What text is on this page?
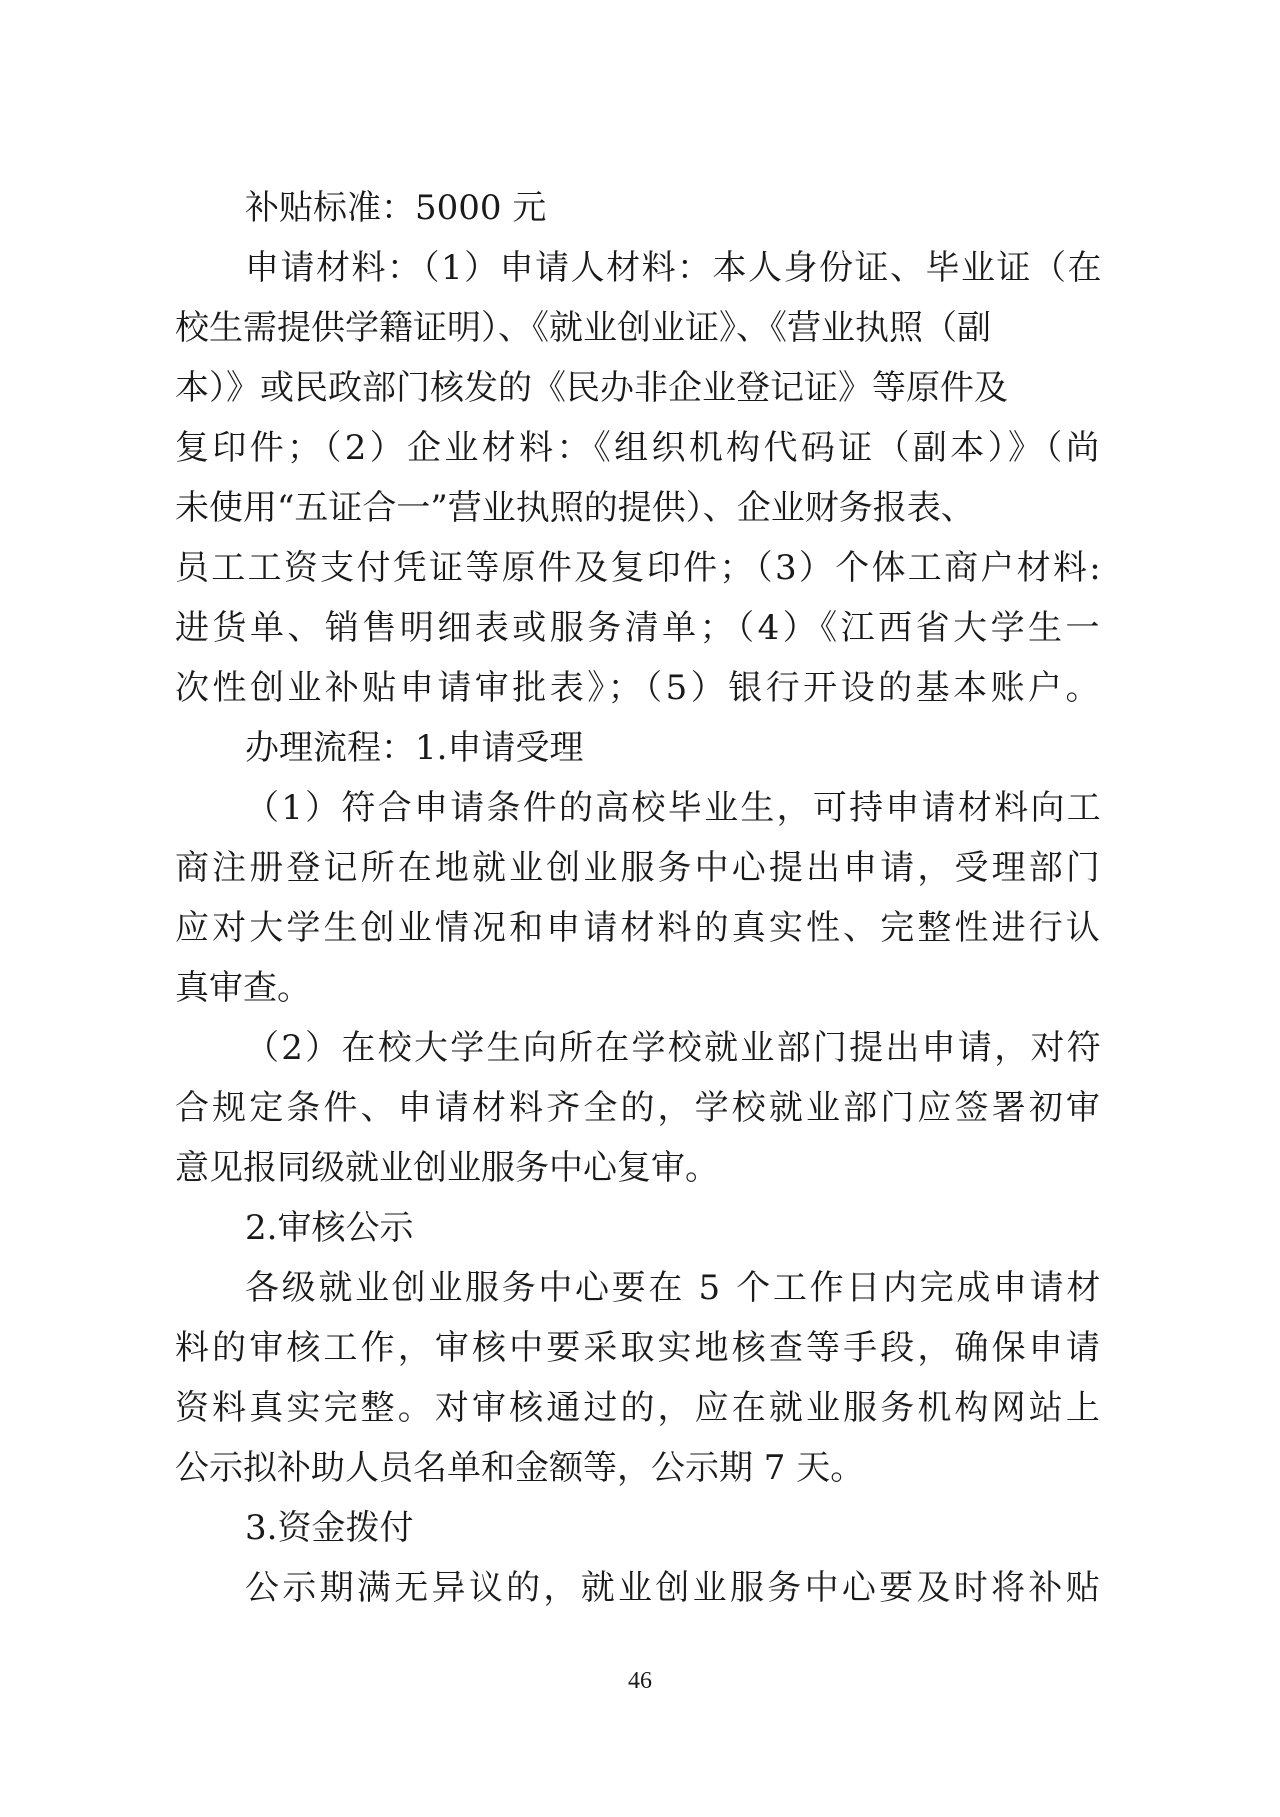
补贴标准：5000 元
申请材料：（1）申请人材料：本人身份证、毕业证（在
校生需提供学籍证明）、《就业创业证》、《营业执照（副
本）》或民政部门核发的《民办非企业登记证》等原件及
复印件；（2）企业材料：《组织机构代码证（副本）》（尚
未使用“五证合一”营业执照的提供）、企业财务报表、
员工工资支付凭证等原件及复印件；（3）个体工商户材料:
进货单、销售明细表或服务清单；（4）《江西省大学生一
次性创业补贴申请审批表》；（5）银行开设的基本账户。
办理流程：1.申请受理
（1）符合申请条件的高校毕业生，可持申请材料向工
商注册登记所在地就业创业服务中心提出申请，受理部门
应对大学生创业情况和申请材料的真实性、完整性进行认
真审查。
（2）在校大学生向所在学校就业部门提出申请，对符
合规定条件、申请材料齐全的，学校就业部门应签署初审
意见报同级就业创业服务中心复审。
2.审核公示
各级就业创业服务中心要在 5 个工作日内完成申请材
料的审核工作，审核中要采取实地核查等手段，确保申请
资料真实完整。对审核通过的，应在就业服务机构网站上
公示拟补助人员名单和金额等，公示期 7 天。
3.资金拨付
公示期满无异议的，就业创业服务中心要及时将补贴
46
